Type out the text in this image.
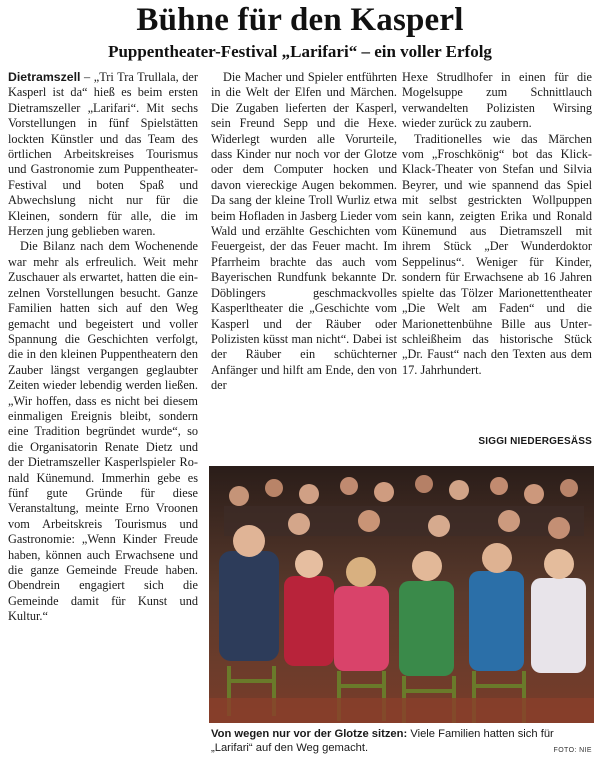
Bühne für den Kasperl
Puppentheater-Festival „Larifari“ – ein voller Erfolg

Dietramszell – „Tri Tra Trullala, der Kasperl ist da“ hieß es beim ersten Dietramszeller „Larifari“. Mit sechs Vorstellungen in fünf Spielstätten lockten Künstler und das Team des örtlichen Arbeitskreises Tourismus und Gastronomie zum Puppentheater-Festival und boten Spaß und Abwechslung nicht nur für die Kleinen, sondern für alle, die im Herzen jung geblieben waren.

Die Bilanz nach dem Wochenende war mehr als erfreulich. Weit mehr Zuschauer als erwartet, hatten die einzelnen Vorstellungen besucht. Ganze Familien hatten sich auf den Weg gemacht und begeistert und voller Spannung die Geschichten verfolgt, die in den kleinen Puppentheatern den Zauber längst vergangen geglaubter Zeiten wieder lebendig werden ließen. „Wir hoffen, dass es nicht bei diesem einmaligen Ereignis bleibt, sondern eine Tradition begründet wurde“, so die Organisatorin Renate Dietz und der Dietramszeller Kasperlspieler Ronald Künemund. Immerhin gebe es fünf gute Gründe für diese Veranstaltung, meinte Erno Vroonen vom Arbeitskreis Tourismus und Gastronomie: „Wenn Kinder Freude haben, können auch Erwachsene und die ganze Gemeinde Freude haben. Obendrein engagiert sich die Gemeinde damit für Kunst und Kultur.“

Die Macher und Spieler entführten in die Welt der Elfen und Märchen. Die Zugaben lieferten der Kasperl, sein Freund Sepp und die Hexe. Widerlegt wurden alle Vorurteile, dass Kinder nur noch vor der Glotze oder dem Computer hocken und davon viereckige Augen bekommen. Da sang der kleine Troll Wurliz etwa beim Hofladen in Jasberg Lieder vom Wald und erzählte Geschichten vom Feuergeist, der das Feuer macht. Im Pfarrheim brachte das auch vom Bayerischen Rundfunk bekannte Dr. Döblingers geschmackvolles Kasperltheater die „Geschichte vom Kasperl und der Räuber oder Polizisten küsst man nicht“. Dabei ist der Räuber ein schüchterner Anfänger und hilft am Ende, den von der

Hexe Strudlhofer in einen für die Mogelsuppe zum Schnittlauch verwandelten Polizisten Wirsing wieder zurück zu zaubern.

Traditionelles wie das Märchen vom „Froschkönig“ bot das Klick-Klack-Theater von Stefan und Silvia Beyrer, und wie spannend das Spiel mit selbst gestrickten Wollpuppen sein kann, zeigten Erika und Ronald Künemund aus Dietramszell mit ihrem Stück „Der Wunderdoktor Seppelinus“. Weniger für Kinder, sondern für Erwachsene ab 16 Jahren spielte das Tölzer Marionettentheater „Die Welt am Faden“ und die Marionettenbühne Bille aus Unterschleißheim das historische Stück „Dr. Faust“ nach den Texten aus dem 17. Jahrhundert.

SIGGI NIEDERGESÄSS
Von wegen nur vor der Glotze sitzen: Viele Familien hatten sich für „Larifari“ auf den Weg gemacht.	FOTO: NIE
